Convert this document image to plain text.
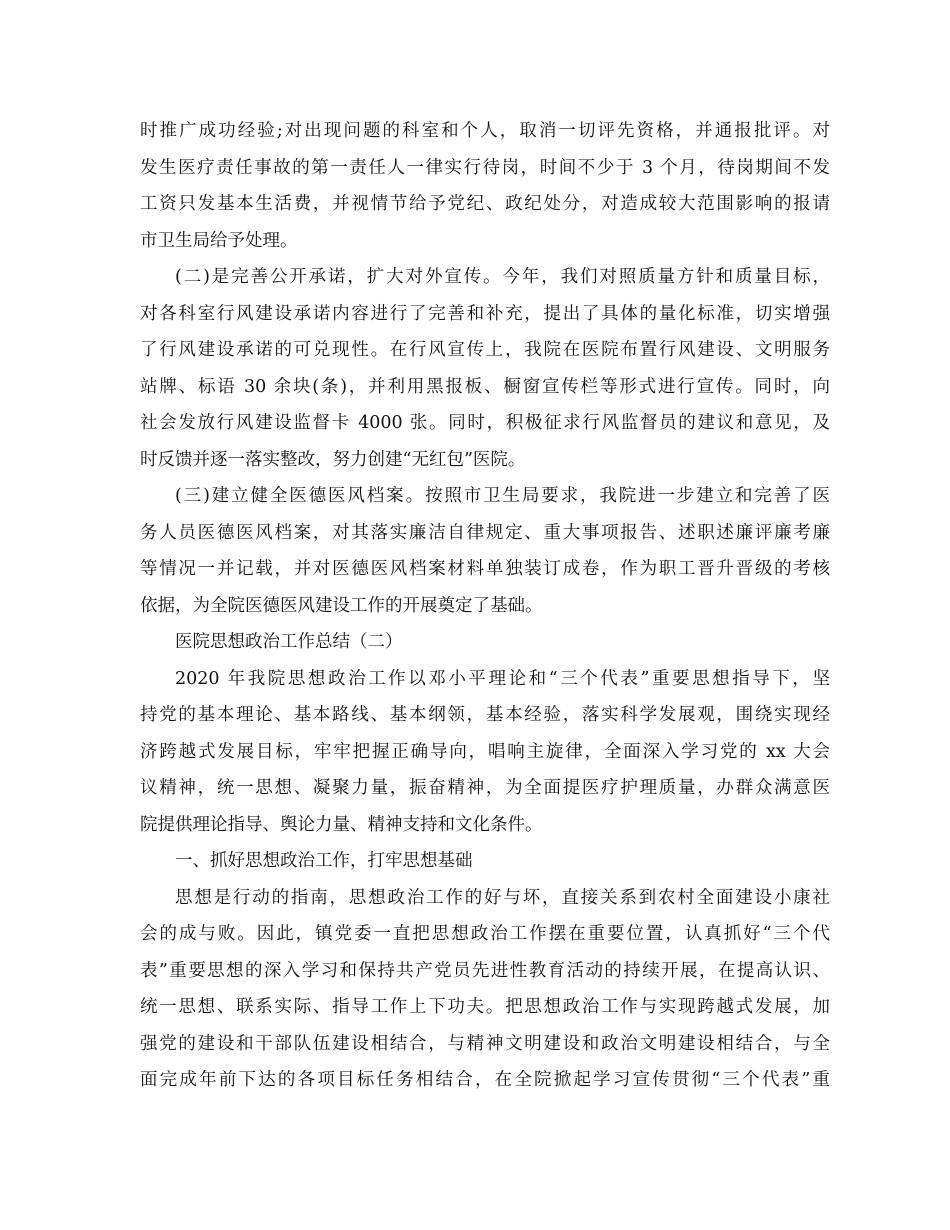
时推广成功经验;对出现问题的科室和个人，取消一切评先资格，并通报批评。对
发生医疗责任事故的第一责任人一律实行待岗，时间不少于 3 个月，待岗期间不发
工资只发基本生活费，并视情节给予党纪、政纪处分，对造成较大范围影响的报请
市卫生局给予处理。
(二)是完善公开承诺，扩大对外宣传。今年，我们对照质量方针和质量目标，
对各科室行风建设承诺内容进行了完善和补充，提出了具体的量化标准，切实增强
了行风建设承诺的可兑现性。在行风宣传上，我院在医院布置行风建设、文明服务
站牌、标语 30 余块(条)，并利用黑报板、橱窗宣传栏等形式进行宣传。同时，向
社会发放行风建设监督卡 4000 张。同时，积极征求行风监督员的建议和意见，及
时反馈并逐一落实整改，努力创建“无红包”医院。
(三)建立健全医德医风档案。按照市卫生局要求，我院进一步建立和完善了医
务人员医德医风档案，对其落实廉洁自律规定、重大事项报告、述职述廉评廉考廉
等情况一并记载，并对医德医风档案材料单独装订成卷，作为职工晋升晋级的考核
依据，为全院医德医风建设工作的开展奠定了基础。
医院思想政治工作总结（二）
2020 年我院思想政治工作以邓小平理论和“三个代表”重要思想指导下，坚
持党的基本理论、基本路线、基本纲领，基本经验，落实科学发展观，围绕实现经
济跨越式发展目标，牢牢把握正确导向，唱响主旋律，全面深入学习党的 xx 大会
议精神，统一思想、凝聚力量，振奋精神，为全面提医疗护理质量，办群众满意医
院提供理论指导、舆论力量、精神支持和文化条件。
一、抓好思想政治工作，打牢思想基础
思想是行动的指南，思想政治工作的好与坏，直接关系到农村全面建设小康社
会的成与败。因此，镇党委一直把思想政治工作摆在重要位置，认真抓好“三个代
表”重要思想的深入学习和保持共产党员先进性教育活动的持续开展，在提高认识、
统一思想、联系实际、指导工作上下功夫。把思想政治工作与实现跨越式发展，加
强党的建设和干部队伍建设相结合，与精神文明建设和政治文明建设相结合，与全
面完成年前下达的各项目标任务相结合，在全院掀起学习宣传贯彻“三个代表”重
